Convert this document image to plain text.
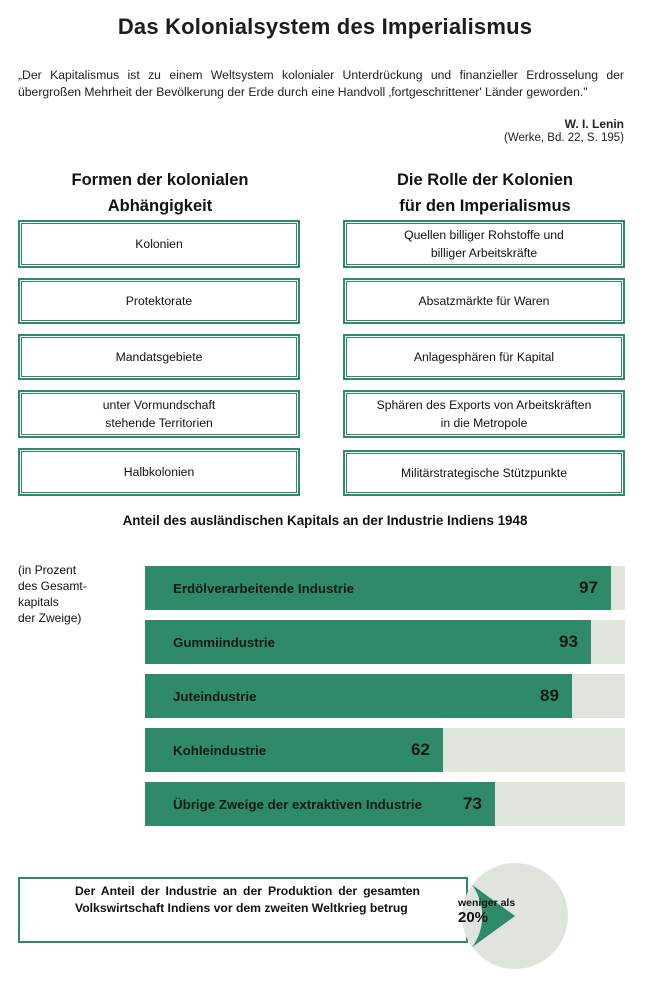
Das Kolonialsystem des Imperialismus
„Der Kapitalismus ist zu einem Weltsystem kolonialer Unterdrückung und finanzieller Erdrosselung der übergroßen Mehrheit der Bevölkerung der Erde durch eine Handvoll ‚fortgeschrittener' Länder geworden."
W. I. Lenin
(Werke, Bd. 22, S. 195)
Formen der kolonialen
Abhängigkeit
Die Rolle der Kolonien
für den Imperialismus
Kolonien
Protektorate
Mandatsgebiete
unter Vormundschaft
stehende Territorien
Halbkolonien
Quellen billiger Rohstoffe und
billiger Arbeitskräfte
Absatzmärkte für Waren
Anlagesphären für Kapital
Sphären des Exports von Arbeitskräften
in die Metropole
Militärstrategische Stützpunkte
Anteil des ausländischen Kapitals an der Industrie Indiens 1948
(in Prozent
des Gesamt-
kapitals
der Zweige)
Erdölverarbeitende Industrie	97
Gummiindustrie	93
Juteindustrie	89
Kohleindustrie	62
Übrige Zweige der extraktiven Industrie 73
Der Anteil der Industrie an der Produktion der gesamten Volkswirtschaft Indiens vor dem zweiten Weltkrieg betrug	weniger als
20%
